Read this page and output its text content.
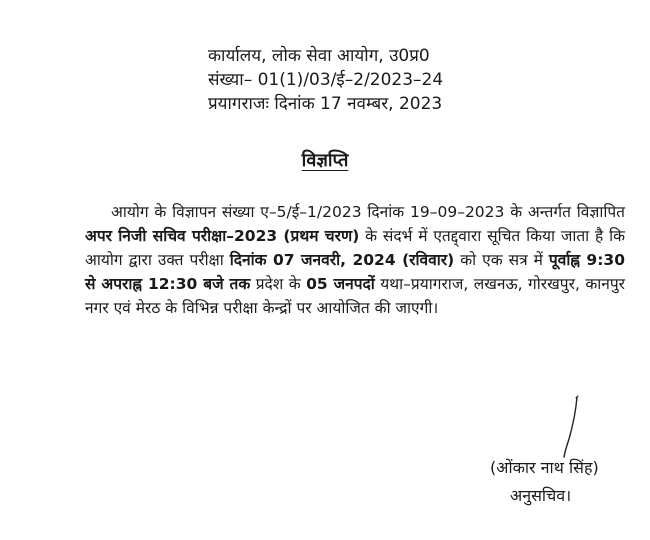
कार्यालय, लोक सेवा आयोग, उ0प्र0
संख्या– 01(1)/03/ई–2/2023–24
प्रयागराजः दिनांक 17 नवम्बर, 2023
विज्ञप्ति

आयोग के विज्ञापन संख्या ए–5/ई–1/2023 दिनांक 19–09–2023 के अन्तर्गत विज्ञापित अपर निजी सचिव परीक्षा–2023 (प्रथम चरण) के संदर्भ में एतद्द्वारा सूचित किया जाता है कि आयोग द्वारा उक्त परीक्षा दिनांक 07 जनवरी, 2024 (रविवार) को एक सत्र में पूर्वाह्न 9:30 से अपराह्न 12:30 बजे तक प्रदेश के 05 जनपदों यथा–प्रयागराज, लखनऊ, गोरखपुर, कानपुर नगर एवं मेरठ के विभिन्न परीक्षा केन्द्रों पर आयोजित की जाएगी।

(ओंकार नाथ सिंह)
अनुसचिव।
